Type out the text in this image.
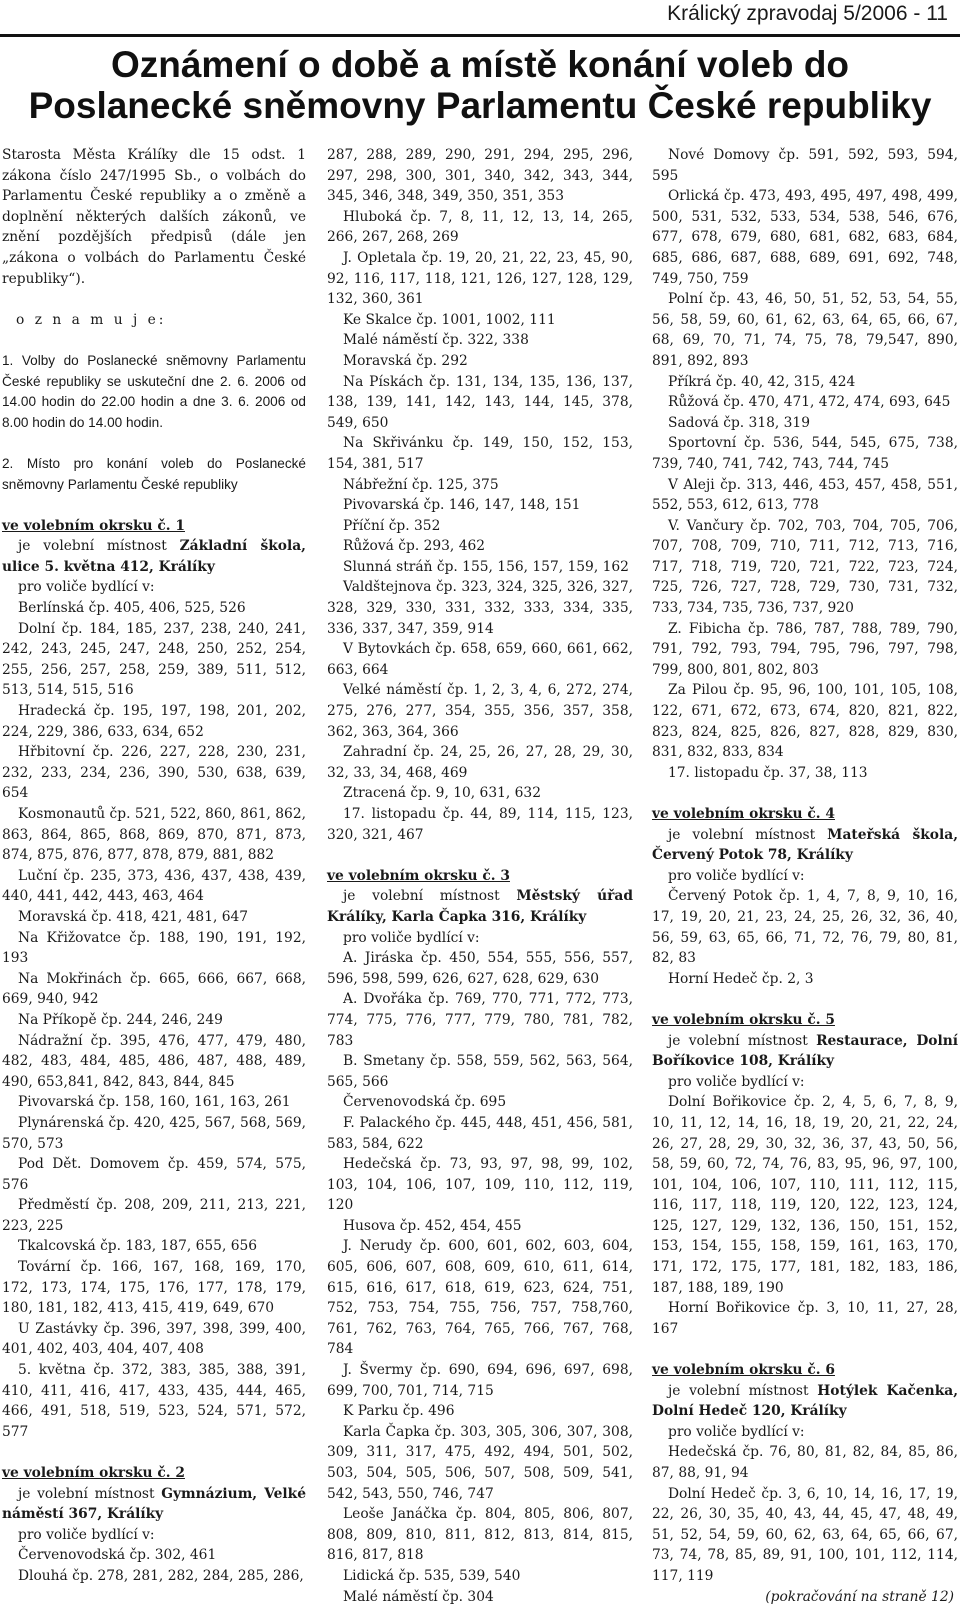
Králický zpravodaj 5/2006 - 11
Oznámení o době a místě konání voleb do
Poslanecké sněmovny Parlamentu České republiky
Starosta Města Králíky dle 15 odst. 1 zákona číslo 247/1995 Sb., o volbách do Parlamentu České republiky a o změně a doplnění některých dalších zákonů, ve znění pozdějších předpisů (dále jen „zákona o volbách do Parlamentu České republiky“).
o z n a m u j e:
1. Volby do Poslanecké sněmovny Parlamentu České republiky se uskuteční dne 2. 6. 2006 od 14.00 hodin do 22.00 hodin a dne 3. 6. 2006 od 8.00 hodin do 14.00 hodin.
2. Místo pro konání voleb do Poslanecké sněmovny Parlamentu České republiky
ve volebním okrsku č. 1
je volební místnost Základní škola, ulice 5. května 412, Králíky
pro voliče bydlící v:
Berlínská čp. 405, 406, 525, 526
Dolní čp. 184, 185, 237, 238, 240, 241, 242, 243, 245, 247, 248, 250, 252, 254, 255, 256, 257, 258, 259, 389, 511, 512, 513, 514, 515, 516
Hradecká čp. 195, 197, 198, 201, 202, 224, 229, 386, 633, 634, 652
Hřbitovní čp. 226, 227, 228, 230, 231, 232, 233, 234, 236, 390, 530, 638, 639, 654
Kosmonautů čp. 521, 522, 860, 861, 862, 863, 864, 865, 868, 869, 870, 871, 873, 874, 875, 876, 877, 878, 879, 881, 882
Luční čp. 235, 373, 436, 437, 438, 439, 440, 441, 442, 443, 463, 464
Moravská čp. 418, 421, 481, 647
Na Křižovatce čp. 188, 190, 191, 192, 193
Na Mokřinách čp. 665, 666, 667, 668, 669, 940, 942
Na Příkopě čp. 244, 246, 249
Nádražní čp. 395, 476, 477, 479, 480, 482, 483, 484, 485, 486, 487, 488, 489, 490, 653,841, 842, 843, 844, 845
Pivovarská čp. 158, 160, 161, 163, 261
Plynárenská čp. 420, 425, 567, 568, 569, 570, 573
Pod Dět. Domovem čp. 459, 574, 575, 576
Předměstí čp. 208, 209, 211, 213, 221, 223, 225
Tkalcovská čp. 183, 187, 655, 656
Tovární čp. 166, 167, 168, 169, 170, 172, 173, 174, 175, 176, 177, 178, 179, 180, 181, 182, 413, 415, 419, 649, 670
U Zastávky čp. 396, 397, 398, 399, 400, 401, 402, 403, 404, 407, 408
5. května čp. 372, 383, 385, 388, 391, 410, 411, 416, 417, 433, 435, 444, 465, 466, 491, 518, 519, 523, 524, 571, 572, 577
ve volebním okrsku č. 2
je volební místnost Gymnázium, Velké náměstí 367, Králíky
pro voliče bydlící v:
Červenovodská čp. 302, 461
Dlouhá čp. 278, 281, 282, 284, 285, 286,
287, 288, 289, 290, 291, 294, 295, 296, 297, 298, 300, 301, 340, 342, 343, 344, 345, 346, 348, 349, 350, 351, 353
Hluboká čp. 7, 8, 11, 12, 13, 14, 265, 266, 267, 268, 269
J. Opletala čp. 19, 20, 21, 22, 23, 45, 90, 92, 116, 117, 118, 121, 126, 127, 128, 129, 132, 360, 361
Ke Skalce čp. 1001, 1002, 111
Malé náměstí čp. 322, 338
Moravská čp. 292
Na Pískách čp. 131, 134, 135, 136, 137, 138, 139, 141, 142, 143, 144, 145, 378, 549, 650
Na Skřivánku čp. 149, 150, 152, 153, 154, 381, 517
Nábřežní čp. 125, 375
Pivovarská čp. 146, 147, 148, 151
Příční čp. 352
Růžová čp. 293, 462
Slunná stráň čp. 155, 156, 157, 159, 162
Valdštejnova čp. 323, 324, 325, 326, 327, 328, 329, 330, 331, 332, 333, 334, 335, 336, 337, 347, 359, 914
V Bytovkách čp. 658, 659, 660, 661, 662, 663, 664
Velké náměstí čp. 1, 2, 3, 4, 6, 272, 274, 275, 276, 277, 354, 355, 356, 357, 358, 362, 363, 364, 366
Zahradní čp. 24, 25, 26, 27, 28, 29, 30, 32, 33, 34, 468, 469
Ztracená čp. 9, 10, 631, 632
17. listopadu čp. 44, 89, 114, 115, 123, 320, 321, 467
ve volebním okrsku č. 3
je volební místnost Městský úřad Králíky, Karla Čapka 316, Králíky
pro voliče bydlící v:
A. Jiráska čp. 450, 554, 555, 556, 557, 596, 598, 599, 626, 627, 628, 629, 630
A. Dvořáka čp. 769, 770, 771, 772, 773, 774, 775, 776, 777, 779, 780, 781, 782, 783
B. Smetany čp. 558, 559, 562, 563, 564, 565, 566
Červenovodská čp. 695
F. Palackého čp. 445, 448, 451, 456, 581, 583, 584, 622
Hedečská čp. 73, 93, 97, 98, 99, 102, 103, 104, 106, 107, 109, 110, 112, 119, 120
Husova čp. 452, 454, 455
J. Nerudy čp. 600, 601, 602, 603, 604, 605, 606, 607, 608, 609, 610, 611, 614, 615, 616, 617, 618, 619, 623, 624, 751, 752, 753, 754, 755, 756, 757, 758,760, 761, 762, 763, 764, 765, 766, 767, 768, 784
J. Švermy čp. 690, 694, 696, 697, 698, 699, 700, 701, 714, 715
K Parku čp. 496
Karla Čapka čp. 303, 305, 306, 307, 308, 309, 311, 317, 475, 492, 494, 501, 502, 503, 504, 505, 506, 507, 508, 509, 541, 542, 543, 550, 746, 747
Leoše Janáčka čp. 804, 805, 806, 807, 808, 809, 810, 811, 812, 813, 814, 815, 816, 817, 818
Lidická čp. 535, 539, 540
Malé náměstí čp. 304
Nové Domovy čp. 591, 592, 593, 594, 595
Orlická čp. 473, 493, 495, 497, 498, 499, 500, 531, 532, 533, 534, 538, 546, 676, 677, 678, 679, 680, 681, 682, 683, 684, 685, 686, 687, 688, 689, 691, 692, 748, 749, 750, 759
Polní čp. 43, 46, 50, 51, 52, 53, 54, 55, 56, 58, 59, 60, 61, 62, 63, 64, 65, 66, 67, 68, 69, 70, 71, 74, 75, 78, 79,547, 890, 891, 892, 893
Příkrá čp. 40, 42, 315, 424
Růžová čp. 470, 471, 472, 474, 693, 645
Sadová čp. 318, 319
Sportovní čp. 536, 544, 545, 675, 738, 739, 740, 741, 742, 743, 744, 745
V Aleji čp. 313, 446, 453, 457, 458, 551, 552, 553, 612, 613, 778
V. Vančury čp. 702, 703, 704, 705, 706, 707, 708, 709, 710, 711, 712, 713, 716, 717, 718, 719, 720, 721, 722, 723, 724, 725, 726, 727, 728, 729, 730, 731, 732, 733, 734, 735, 736, 737, 920
Z. Fibicha čp. 786, 787, 788, 789, 790, 791, 792, 793, 794, 795, 796, 797, 798, 799, 800, 801, 802, 803
Za Pilou čp. 95, 96, 100, 101, 105, 108, 122, 671, 672, 673, 674, 820, 821, 822, 823, 824, 825, 826, 827, 828, 829, 830, 831, 832, 833, 834
17. listopadu čp. 37, 38, 113
ve volebním okrsku č. 4
je volební místnost Mateřská škola, Červený Potok 78, Králíky
pro voliče bydlící v:
Červený Potok čp. 1, 4, 7, 8, 9, 10, 16, 17, 19, 20, 21, 23, 24, 25, 26, 32, 36, 40, 56, 59, 63, 65, 66, 71, 72, 76, 79, 80, 81, 82, 83
Horní Hedeč čp. 2, 3
ve volebním okrsku č. 5
je volební místnost Restaurace, Dolní Boříkovice 108, Králíky
pro voliče bydlící v:
Dolní Bořikovice čp. 2, 4, 5, 6, 7, 8, 9, 10, 11, 12, 14, 16, 18, 19, 20, 21, 22, 24, 26, 27, 28, 29, 30, 32, 36, 37, 43, 50, 56, 58, 59, 60, 72, 74, 76, 83, 95, 96, 97, 100, 101, 104, 106, 107, 110, 111, 112, 115, 116, 117, 118, 119, 120, 122, 123, 124, 125, 127, 129, 132, 136, 150, 151, 152, 153, 154, 155, 158, 159, 161, 163, 170, 171, 172, 175, 177, 181, 182, 183, 186, 187, 188, 189, 190
Horní Bořikovice čp. 3, 10, 11, 27, 28, 167
ve volebním okrsku č. 6
je volební místnost Hotýlek Kačenka, Dolní Hedeč 120, Králíky
pro voliče bydlící v:
Hedečská čp. 76, 80, 81, 82, 84, 85, 86, 87, 88, 91, 94
Dolní Hedeč čp. 3, 6, 10, 14, 16, 17, 19, 22, 26, 30, 35, 40, 43, 44, 45, 47, 48, 49, 51, 52, 54, 59, 60, 62, 63, 64, 65, 66, 67, 73, 74, 78, 85, 89, 91, 100, 101, 112, 114, 117, 119
(pokračování na straně 12)
